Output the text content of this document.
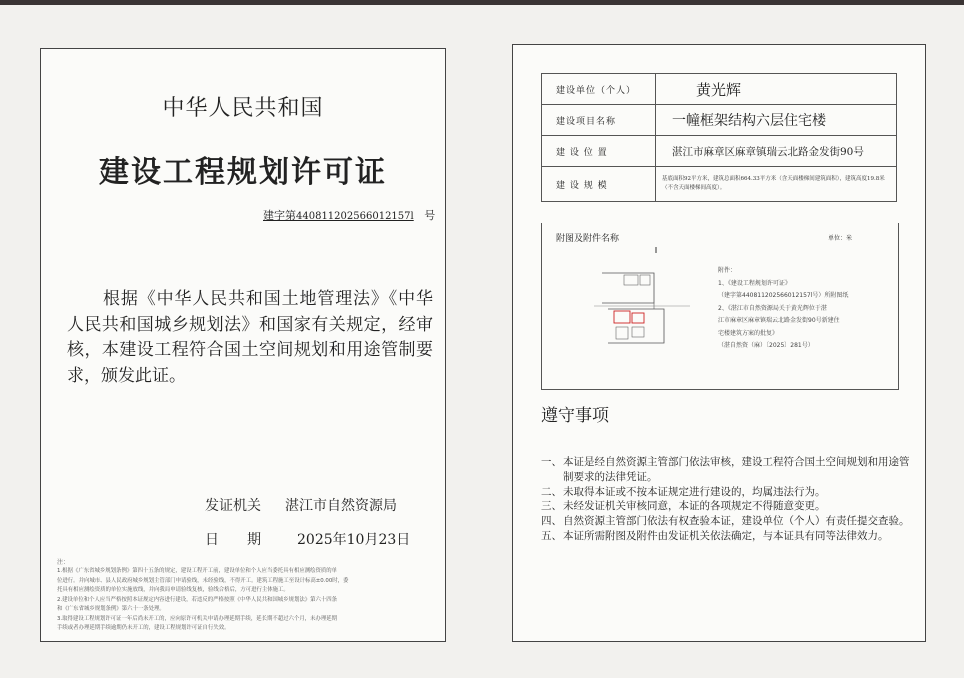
中华人民共和国
建设工程规划许可证
建字第440811202566012157l 号
根据《中华人民共和国土地管理法》《中华人民共和国城乡规划法》和国家有关规定，经审核，本建设工程符合国土空间规划和用途管制要求，颁发此证。
发证机关 湛江市自然资源局
日期 2025年10月23日
注：
1.根据《广东省城乡规划条例》第四十五条的规定，建设工程开工前，建设单位和个人应当委托具有相应测绘资质的单
位进行。并向城市、县人民政府城乡规划主管部门申请验线，未经验线，不得开工。建筑工程施工至设计标高±0.00时，委
托具有相应测绘资质的单位实施放线，并向我局申请验线复核，验线合格后，方可进行主体施工。
2.建设单位和个人应当严格按照本证规定内容进行建设，若违反的严格按照《中华人民共和国城乡规划法》第六十四条
和《广东省城乡规划条例》第六十一条处理。
3.取得建设工程规划许可证一年后尚未开工的，应向原许可机关申请办理延期手续，延长期不超过六个月，未办理延期
手续或者办理延期手续逾期仍未开工的，建设工程规划许可证自行失效。
建设单位（个人）	黄光辉
建设项目名称	一幢框架结构六层住宅楼
建 设 位 置	湛江市麻章区麻章镇瑞云北路金发街90号
建 设 规 模	基底面积92平方米，建筑总面积664.33平方米（含天面楼梯间建筑面积），建筑高度19.8米（不含天面楼梯间高度）。
附图及附件名称	单位：米
附件：
1、《建设工程规划许可证》
（建字第440811202566012157l号）所附图纸
2、《湛江市自然资源局关于黄光辉位于湛
江市麻章区麻章镇瑞云北路金发街90号新建住
宅楼建筑方案的批复》
（湛自然资（麻）〔2025〕281号）
遵守事项
一、 本证是经自然资源主管部门依法审核，建设工程符合国土空间规划和用途管制要求的法律凭证。
二、 未取得本证或不按本证规定进行建设的，均属违法行为。
三、 未经发证机关审核同意，本证的各项规定不得随意变更。
四、 自然资源主管部门依法有权查验本证，建设单位（个人）有责任提交查验。
五、 本证所需附图及附件由发证机关依法确定，与本证具有同等法律效力。
